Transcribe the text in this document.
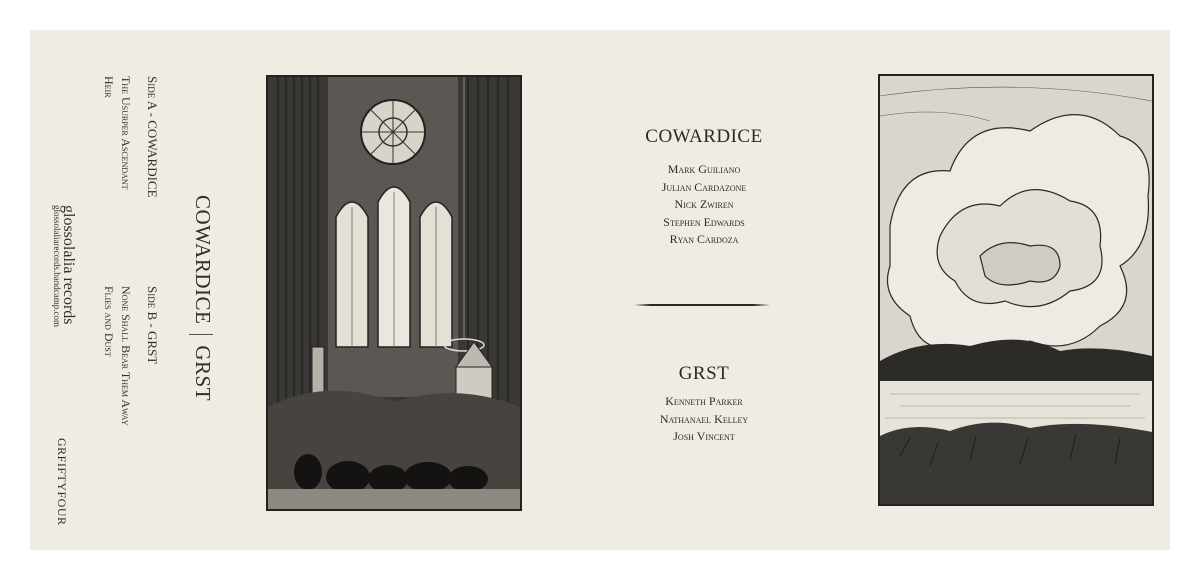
COWARDICEGRST
Side A - COWARDICE
The Usurper Ascendant
Heir
Side B - GRST
None Shall Bear Them Away
Flies and Dust
glossolalia records
glossolaliarecords.bandcamp.com
GRFIFTYFOUR
COWARDICE
Mark Guiliano
Julian Cardazone
Nick Zwiren
Stephen Edwards
Ryan Cardoza
GRST
Kenneth Parker
Nathanael Kelley
Josh Vincent
